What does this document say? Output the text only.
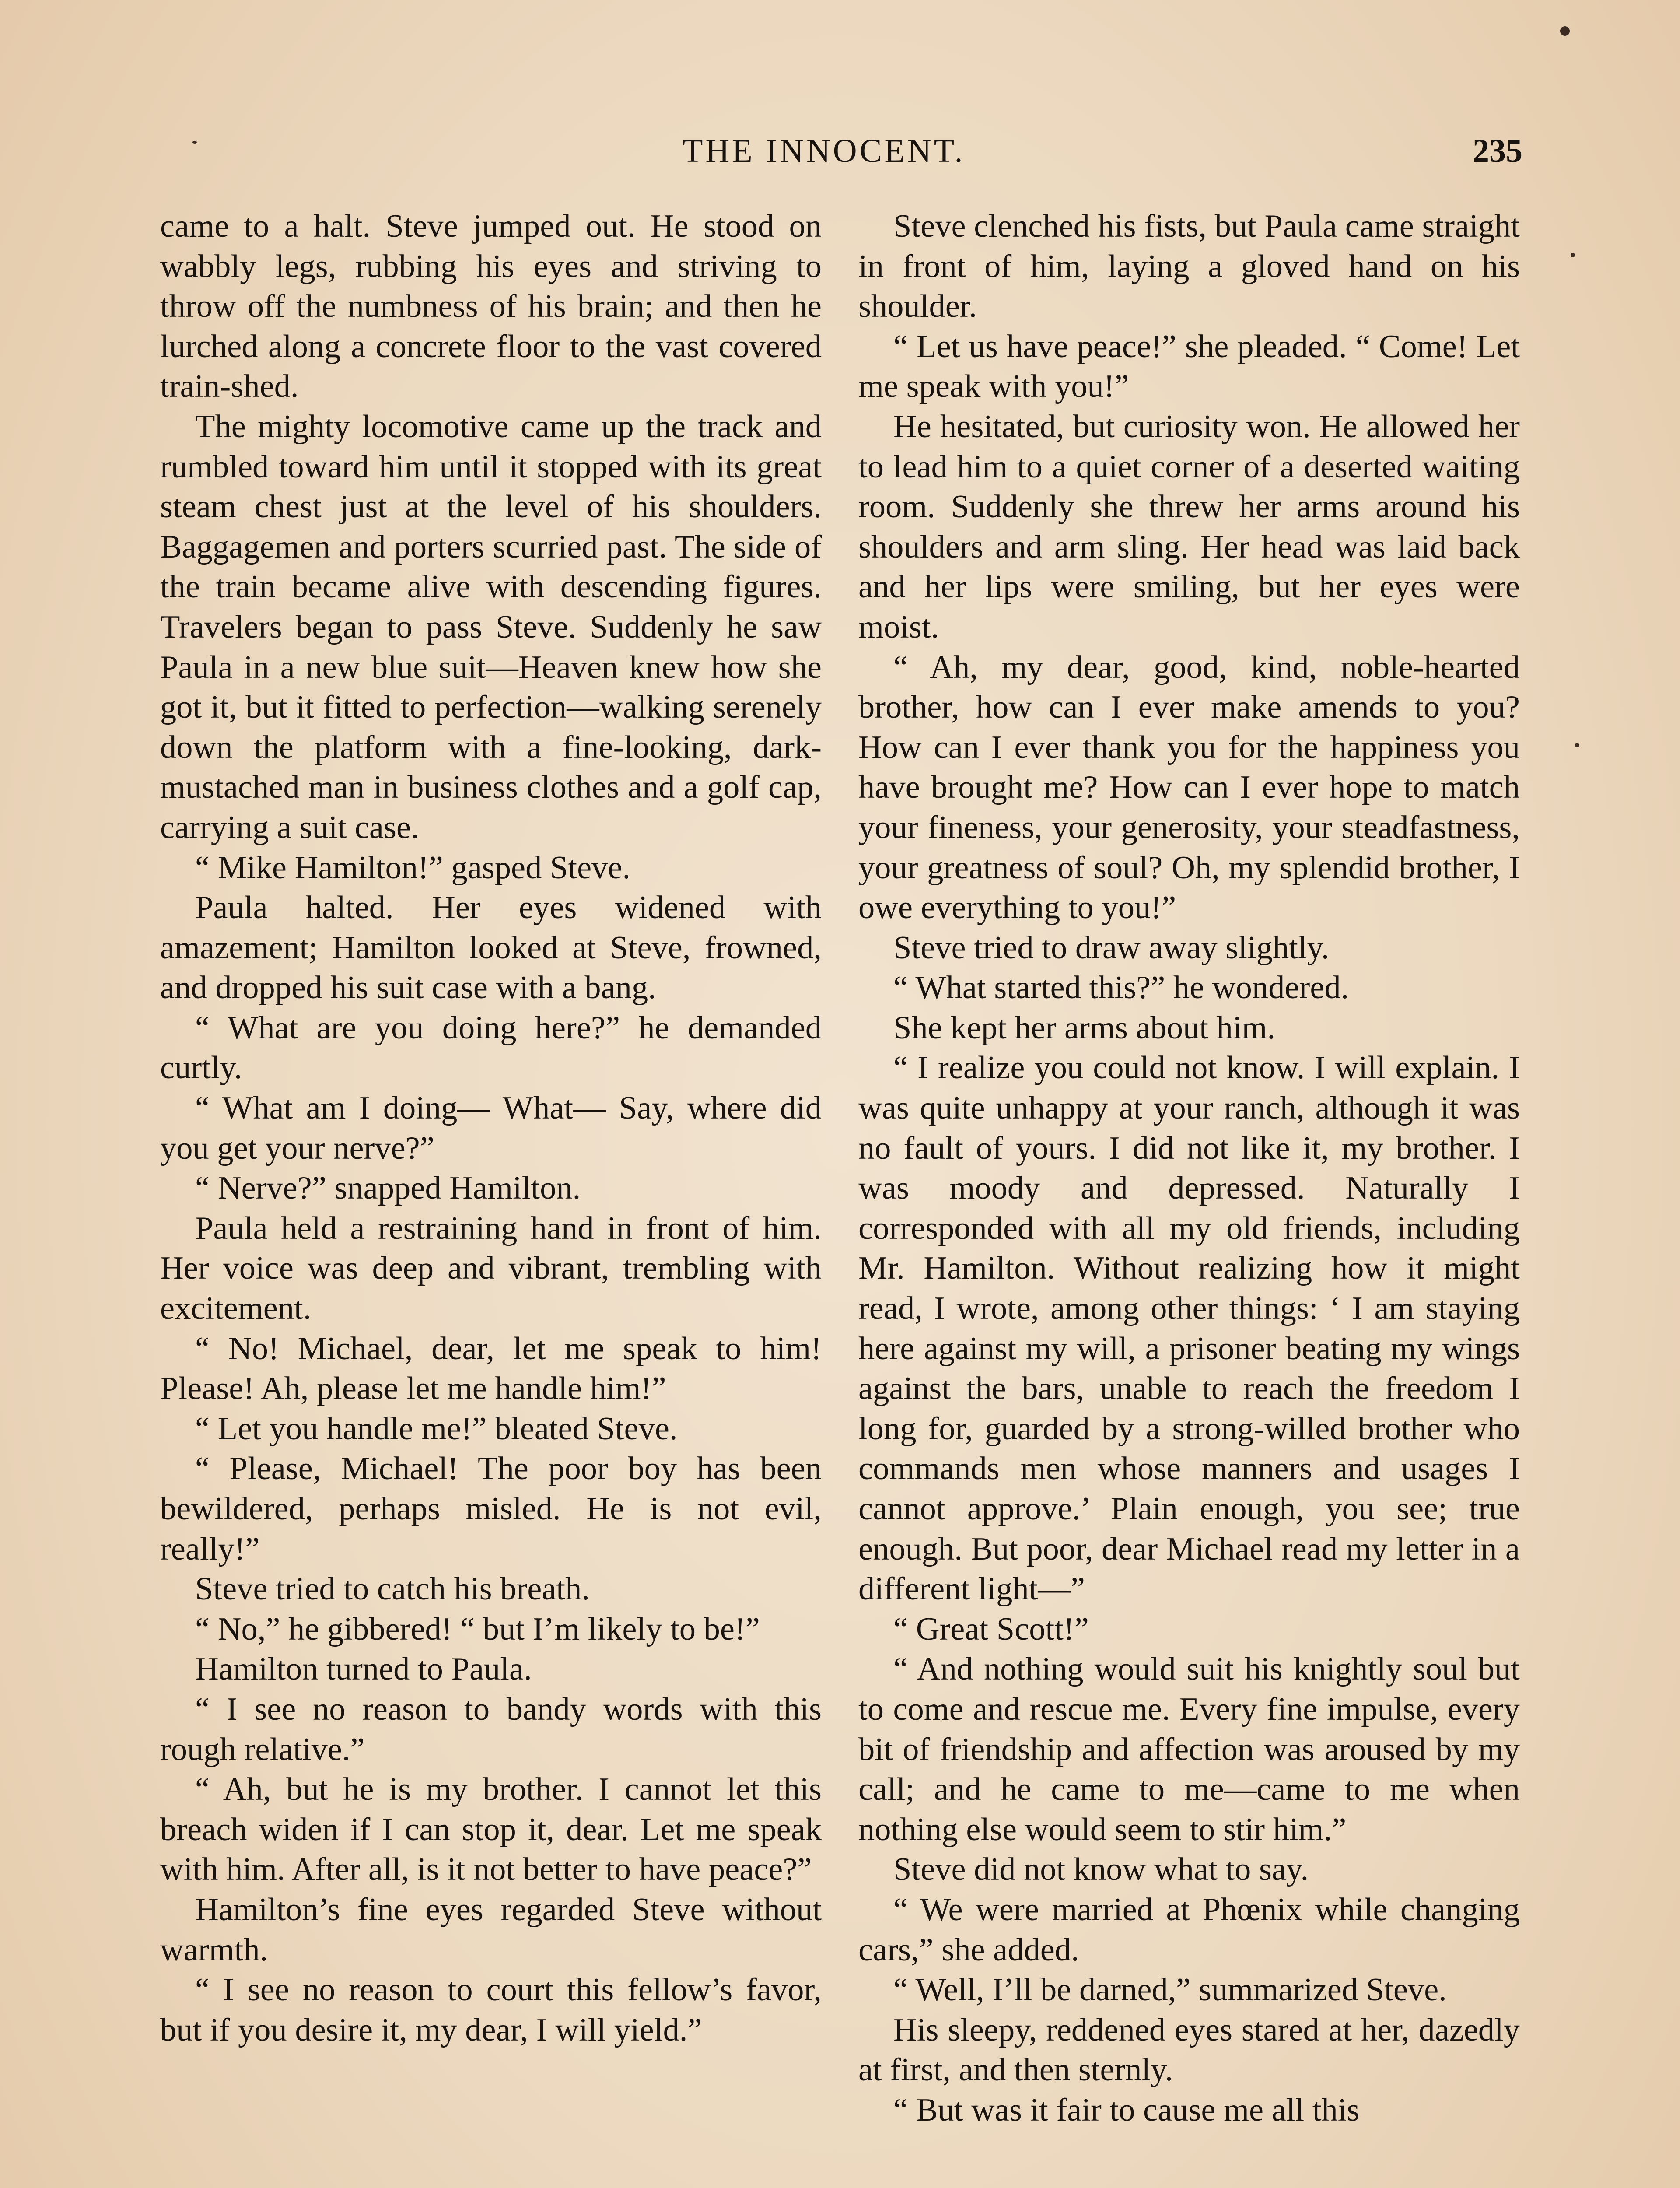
THE INNOCENT.	235

came to a halt. Steve jumped out. He stood on wabbly legs, rubbing his eyes and striving to throw off the numbness of his brain; and then he lurched along a concrete floor to the vast covered train-shed.

The mighty locomotive came up the track and rumbled toward him until it stopped with its great steam chest just at the level of his shoulders. Baggagemen and porters scurried past. The side of the train became alive with descending figures. Travelers began to pass Steve. Suddenly he saw Paula in a new blue suit—Heaven knew how she got it, but it fitted to perfection—walking serenely down the platform with a fine-looking, dark-mustached man in business clothes and a golf cap, carrying a suit case.

“ Mike Hamilton!” gasped Steve.

Paula halted. Her eyes widened with amazement; Hamilton looked at Steve, frowned, and dropped his suit case with a bang.

“ What are you doing here?” he demanded curtly.

“ What am I doing— What— Say, where did you get your nerve?”

“ Nerve?” snapped Hamilton.

Paula held a restraining hand in front of him. Her voice was deep and vibrant, trembling with excitement.

“ No! Michael, dear, let me speak to him! Please! Ah, please let me handle him!”

“ Let you handle me!” bleated Steve.

“ Please, Michael! The poor boy has been bewildered, perhaps misled. He is not evil, really!”

Steve tried to catch his breath.

“ No,” he gibbered! “ but I’m likely to be!”

Hamilton turned to Paula.

“ I see no reason to bandy words with this rough relative.”

“ Ah, but he is my brother. I cannot let this breach widen if I can stop it, dear. Let me speak with him. After all, is it not better to have peace?”

Hamilton’s fine eyes regarded Steve without warmth.

“ I see no reason to court this fellow’s favor, but if you desire it, my dear, I will yield.”

Steve clenched his fists, but Paula came straight in front of him, laying a gloved hand on his shoulder.

“ Let us have peace!” she pleaded. “ Come! Let me speak with you!”

He hesitated, but curiosity won. He allowed her to lead him to a quiet corner of a deserted waiting room. Suddenly she threw her arms around his shoulders and arm sling. Her head was laid back and her lips were smiling, but her eyes were moist.

“ Ah, my dear, good, kind, noble-hearted brother, how can I ever make amends to you? How can I ever thank you for the happiness you have brought me? How can I ever hope to match your fineness, your generosity, your steadfastness, your greatness of soul? Oh, my splendid brother, I owe everything to you!”

Steve tried to draw away slightly.

“ What started this?” he wondered.

She kept her arms about him.

“ I realize you could not know. I will explain. I was quite unhappy at your ranch, although it was no fault of yours. I did not like it, my brother. I was moody and depressed. Naturally I corresponded with all my old friends, including Mr. Hamilton. Without realizing how it might read, I wrote, among other things: ‘ I am staying here against my will, a prisoner beating my wings against the bars, unable to reach the freedom I long for, guarded by a strong-willed brother who commands men whose manners and usages I cannot approve.’ Plain enough, you see; true enough. But poor, dear Michael read my letter in a different light—”

“ Great Scott!”

“ And nothing would suit his knightly soul but to come and rescue me. Every fine impulse, every bit of friendship and affection was aroused by my call; and he came to me—came to me when nothing else would seem to stir him.”

Steve did not know what to say.

“ We were married at Phœnix while changing cars,” she added.

“ Well, I’ll be darned,” summarized Steve.

His sleepy, reddened eyes stared at her, dazedly at first, and then sternly.

“ But was it fair to cause me all this
